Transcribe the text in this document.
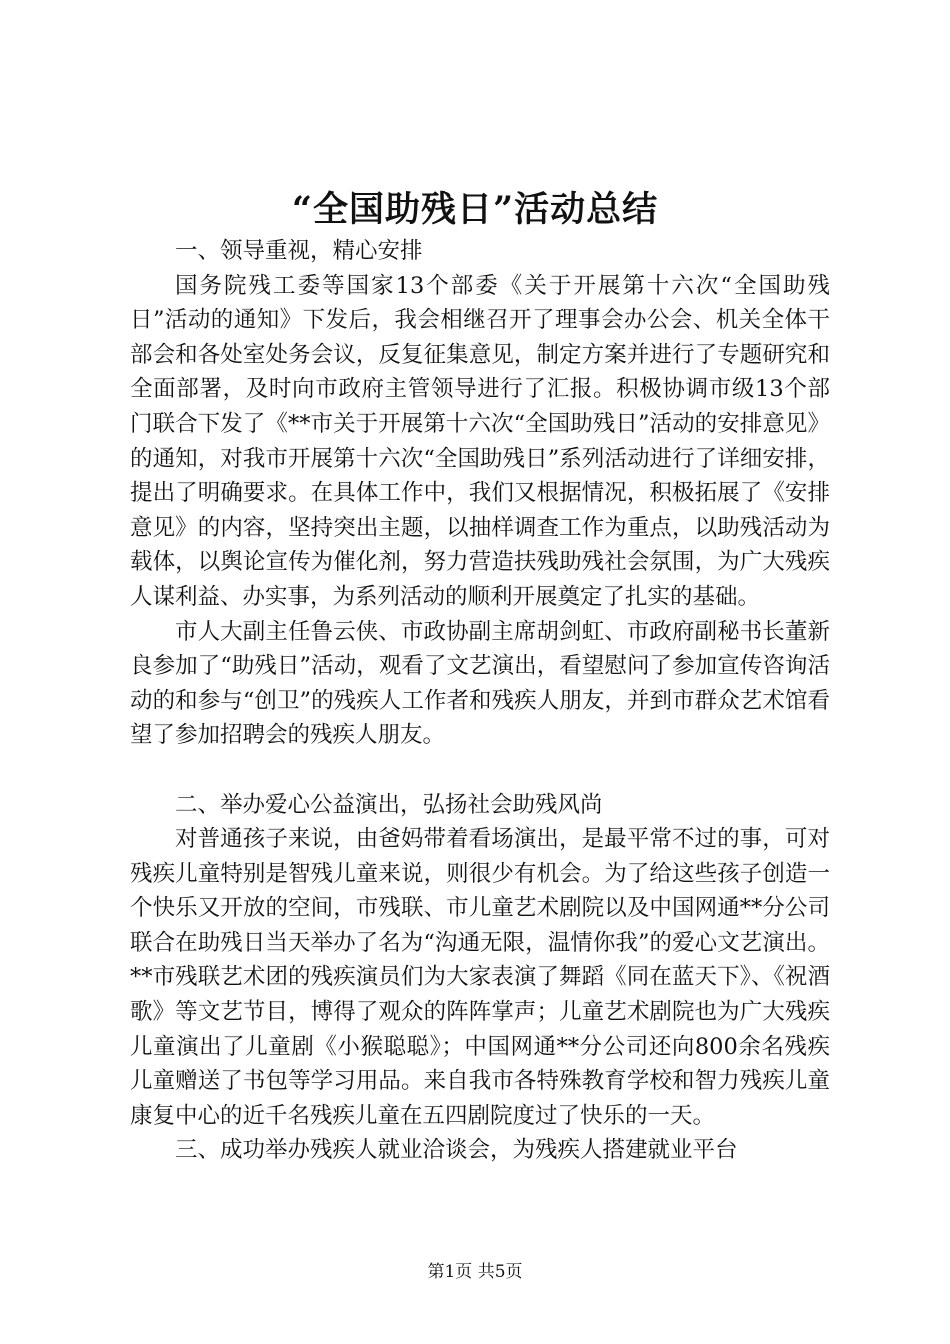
“全国助残日”活动总结

一、领导重视，精心安排

国务院残工委等国家13个部委《关于开展第十六次“全国助残日”活动的通知》下发后，我会相继召开了理事会办公会、机关全体干部会和各处室处务会议，反复征集意见，制定方案并进行了专题研究和全面部署，及时向市政府主管领导进行了汇报。积极协调市级13个部门联合下发了《**市关于开展第十六次“全国助残日”活动的安排意见》的通知，对我市开展第十六次“全国助残日”系列活动进行了详细安排，提出了明确要求。在具体工作中，我们又根据情况，积极拓展了《安排意见》的内容，坚持突出主题，以抽样调查工作为重点，以助残活动为载体，以舆论宣传为催化剂，努力营造扶残助残社会氛围，为广大残疾人谋利益、办实事，为系列活动的顺利开展奠定了扎实的基础。

市人大副主任鲁云侠、市政协副主席胡剑虹、市政府副秘书长董新良参加了“助残日”活动，观看了文艺演出，看望慰问了参加宣传咨询活动的和参与“创卫”的残疾人工作者和残疾人朋友，并到市群众艺术馆看望了参加招聘会的残疾人朋友。

二、举办爱心公益演出，弘扬社会助残风尚

对普通孩子来说，由爸妈带着看场演出，是最平常不过的事，可对残疾儿童特别是智残儿童来说，则很少有机会。为了给这些孩子创造一个快乐又开放的空间，市残联、市儿童艺术剧院以及中国网通**分公司联合在助残日当天举办了名为“沟通无限，温情你我”的爱心文艺演出。**市残联艺术团的残疾演员们为大家表演了舞蹈《同在蓝天下》、《祝酒歌》等文艺节目，博得了观众的阵阵掌声；儿童艺术剧院也为广大残疾儿童演出了儿童剧《小猴聪聪》；中国网通**分公司还向800余名残疾儿童赠送了书包等学习用品。来自我市各特殊教育学校和智力残疾儿童康复中心的近千名残疾儿童在五四剧院度过了快乐的一天。

三、成功举办残疾人就业洽谈会，为残疾人搭建就业平台

第1页 共5页
